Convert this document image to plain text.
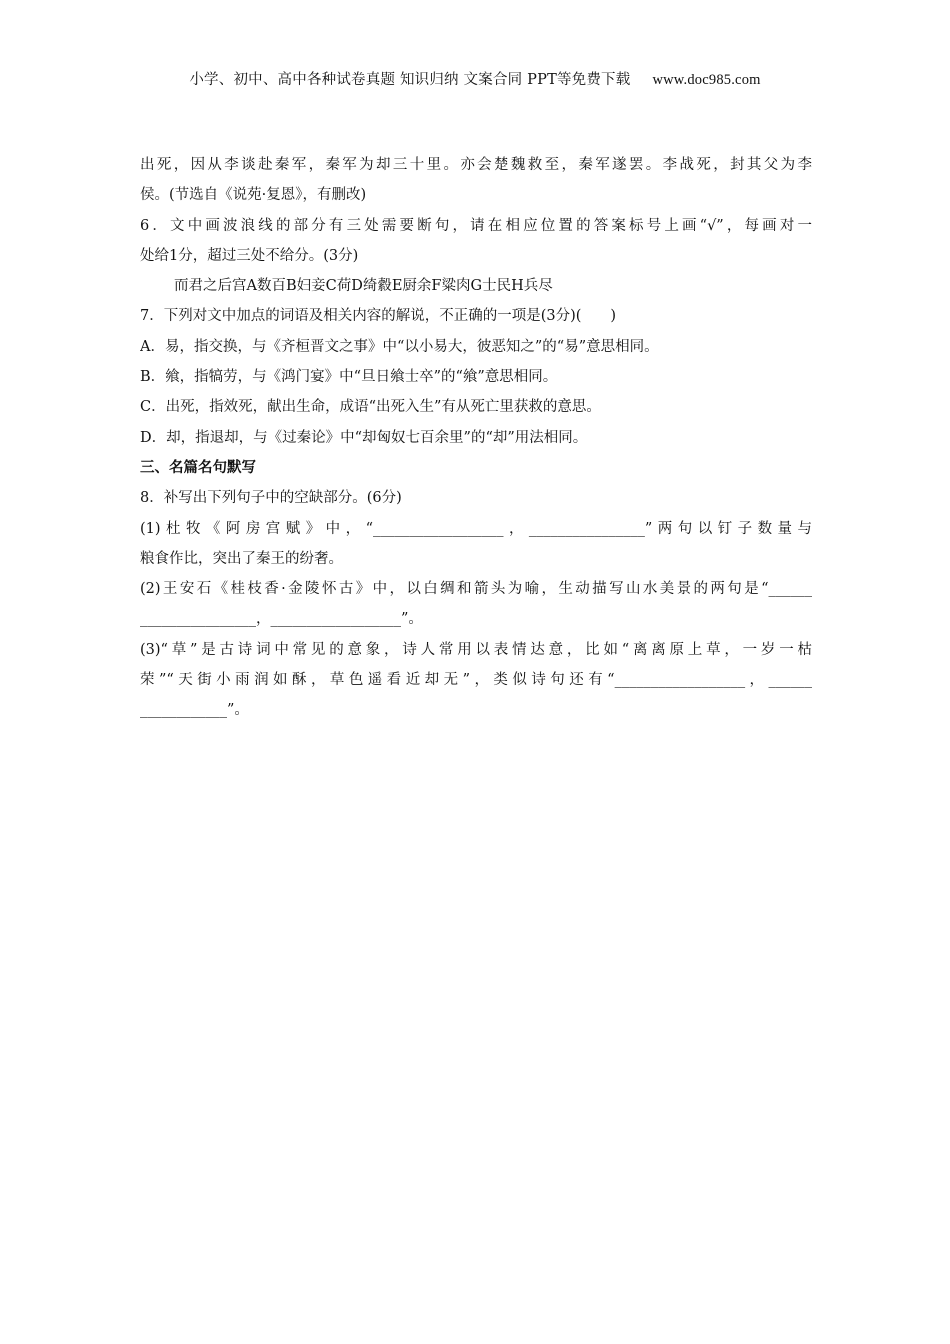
小学、初中、高中各种试卷真题 知识归纳 文案合同 PPT等免费下载 www.doc985.com
出死，因从李谈赴秦军，秦军为却三十里。亦会楚魏救至，秦军遂罢。李战死，封其父为李
侯。(节选自《说苑·复恩》，有删改)
6．文中画波浪线的部分有三处需要断句，请在相应位置的答案标号上画“√”，每画对一
处给1分，超过三处不给分。(3分)
而君之后宫A数百B妇妾C荷D绮縠E厨余F粱肉G士民H兵尽
7．下列对文中加点的词语及相关内容的解说，不正确的一项是(3分)(　　)
A．易，指交换，与《齐桓晋文之事》中“以小易大，彼恶知之”的“易”意思相同。
B．飨，指犒劳，与《鸿门宴》中“旦日飨士卒”的“飨”意思相同。
C．出死，指效死，献出生命，成语“出死入生”有从死亡里获救的意思。
D．却，指退却，与《过秦论》中“却匈奴七百余里”的“却”用法相同。
三、名篇名句默写
8．补写出下列句子中的空缺部分。(6分)
(1)杜牧《阿房宫赋》中，“__________________，________________”两句以钉子数量与
粮食作比，突出了秦王的纷奢。
(2)王安石《桂枝香·金陵怀古》中，以白绸和箭头为喻，生动描写山水美景的两句是“______
________________，__________________”。
(3)“草”是古诗词中常见的意象，诗人常用以表情达意，比如“离离原上草，一岁一枯
荣”“天街小雨润如酥，草色遥看近却无”，类似诗句还有“__________________，______
____________”。
